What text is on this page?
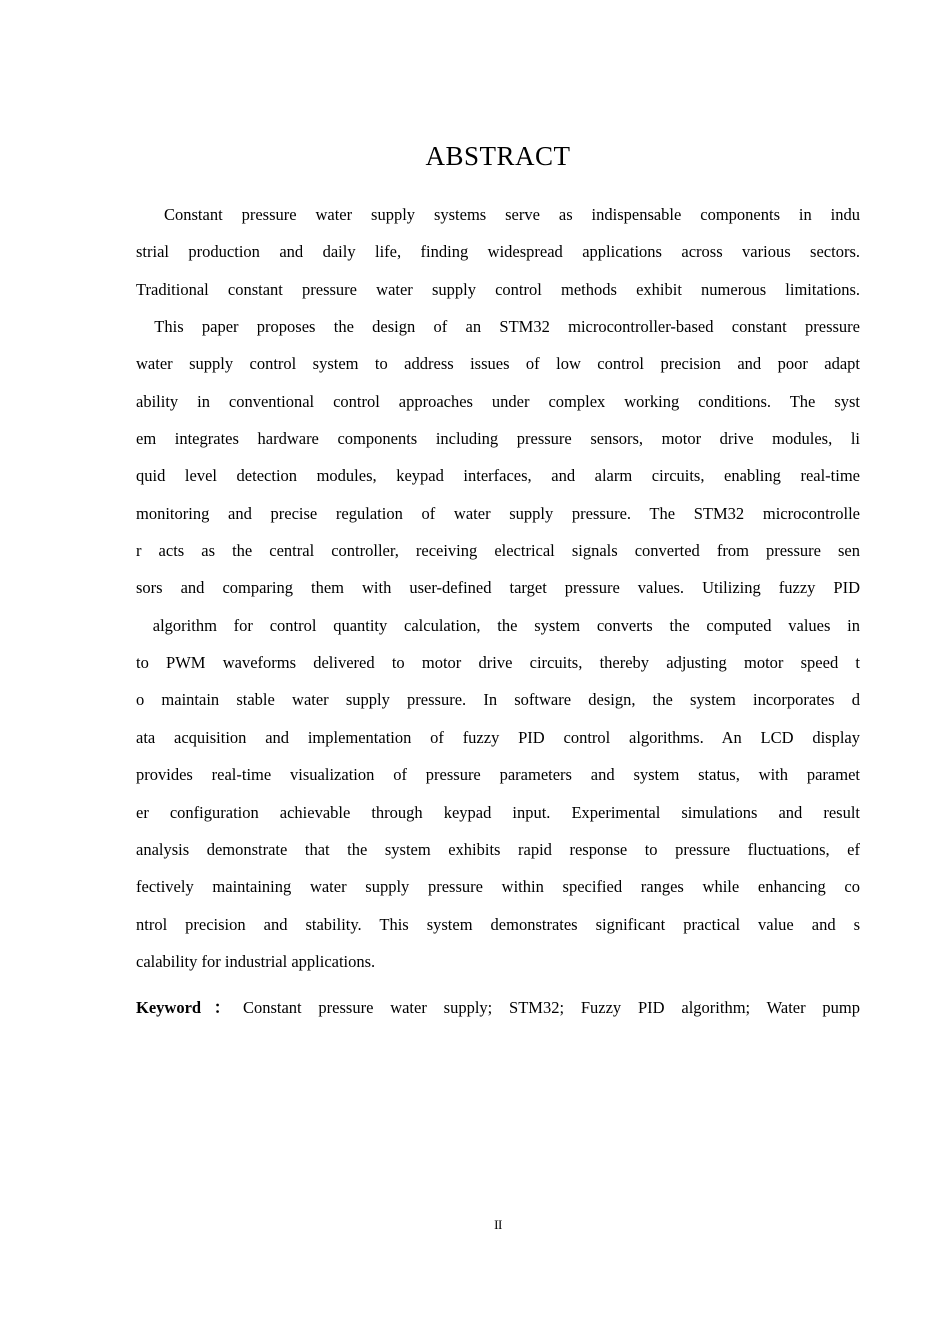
ABSTRACT
Constant pressure water supply systems serve as indispensable components in indu
strial production and daily life, finding widespread applications across various sectors.
Traditional constant pressure water supply control methods exhibit numerous limitations.
This paper proposes the design of an STM32 microcontroller-based constant pressure
water supply control system to address issues of low control precision and poor adapt
ability in conventional control approaches under complex working conditions. The syst
em integrates hardware components including pressure sensors, motor drive modules, li
quid level detection modules, keypad interfaces, and alarm circuits, enabling real-time
monitoring and precise regulation of water supply pressure. The STM32 microcontrolle
r acts as the central controller, receiving electrical signals converted from pressure sen
sors and comparing them with user-defined target pressure values. Utilizing fuzzy PID
algorithm for control quantity calculation, the system converts the computed values in
to PWM waveforms delivered to motor drive circuits, thereby adjusting motor speed t
o maintain stable water supply pressure. In software design, the system incorporates d
ata acquisition and implementation of fuzzy PID control algorithms. An LCD display
provides real-time visualization of pressure parameters and system status, with paramet
er configuration achievable through keypad input. Experimental simulations and result
analysis demonstrate that the system exhibits rapid response to pressure fluctuations, ef
fectively maintaining water supply pressure within specified ranges while enhancing co
ntrol precision and stability. This system demonstrates significant practical value and s
calability for industrial applications.
Keyword：Constant pressure water supply; STM32; Fuzzy PID algorithm; Water pump
II
